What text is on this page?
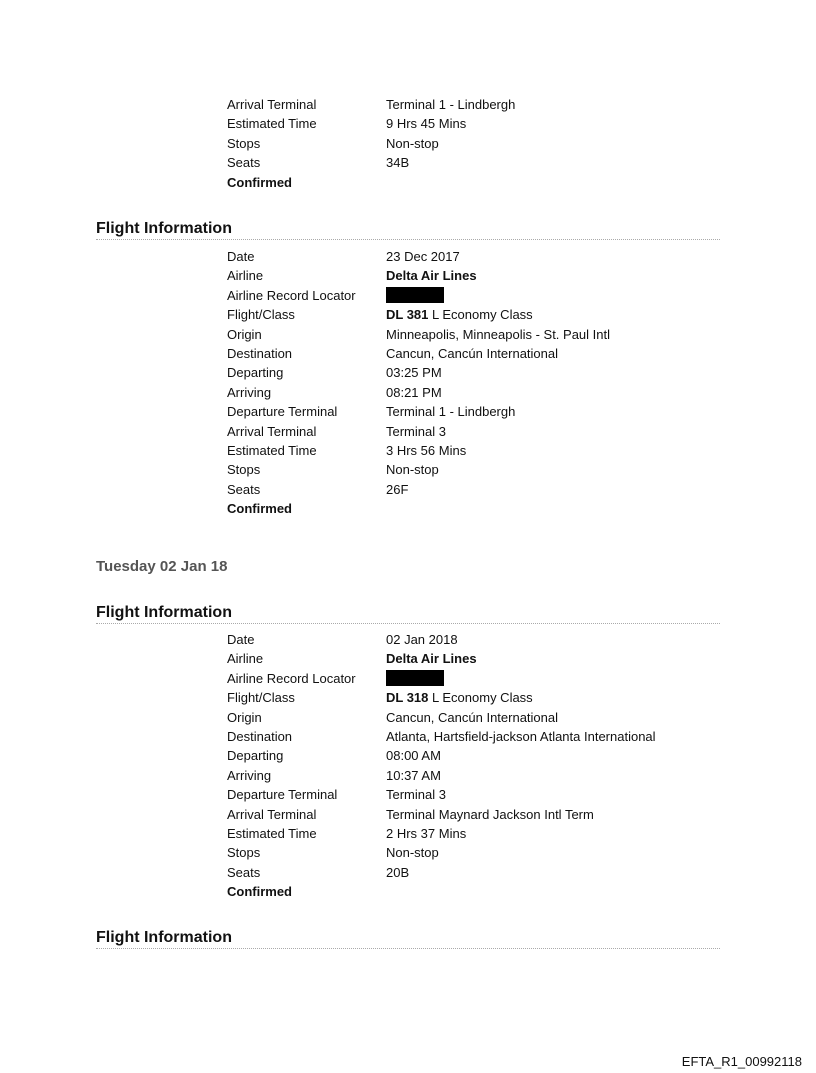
Arrival Terminal	Terminal 1 - Lindbergh
Estimated Time	9 Hrs 45 Mins
Stops	Non-stop
Seats	34B
Confirmed
Flight Information
Date	23 Dec 2017
Airline	Delta Air Lines
Airline Record Locator
Flight/Class	DL 381 L Economy Class
Origin	Minneapolis, Minneapolis - St. Paul Intl
Destination	Cancun, Cancún International
Departing	03:25 PM
Arriving	08:21 PM
Departure Terminal	Terminal 1 - Lindbergh
Arrival Terminal	Terminal 3
Estimated Time	3 Hrs 56 Mins
Stops	Non-stop
Seats	26F
Confirmed
Tuesday 02 Jan 18
Flight Information
Date	02 Jan 2018
Airline	Delta Air Lines
Airline Record Locator
Flight/Class	DL 318 L Economy Class
Origin	Cancun, Cancún International
Destination	Atlanta, Hartsfield-jackson Atlanta International
Departing	08:00 AM
Arriving	10:37 AM
Departure Terminal	Terminal 3
Arrival Terminal	Terminal Maynard Jackson Intl Term
Estimated Time	2 Hrs 37 Mins
Stops	Non-stop
Seats	20B
Confirmed
Flight Information
EFTA_R1_00992118
